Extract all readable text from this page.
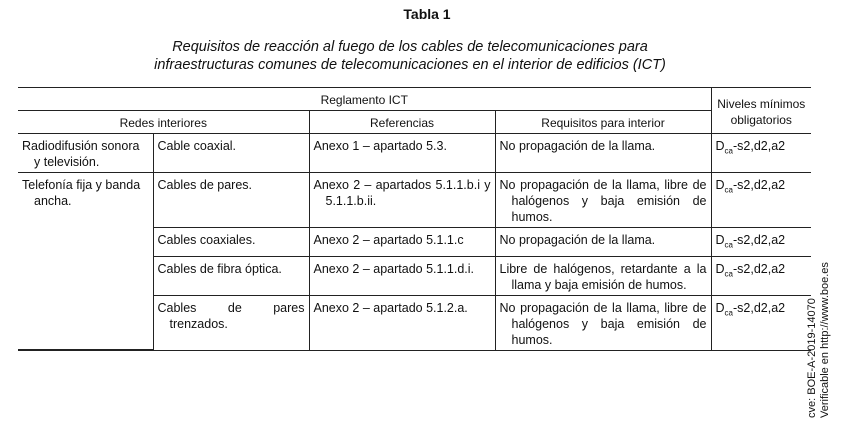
Tabla 1
Requisitos de reacción al fuego de los cables de telecomunicaciones para
infraestructuras comunes de telecomunicaciones en el interior de edificios (ICT)
Reglamento ICT				Niveles mínimos obligatorios
Redes interiores		Referencias	Requisitos para interior	

Radiodifusión sonora y televisión.	Cable coaxial.	Anexo 1 – apartado 5.3.	No propagación de la llama.	$D_{ca}-s2,d2,a2$

Telefonía fija y banda ancha.	Cables de pares.	Anexo 2 – apartados 5.1.1.b.i y 5.1.1.b.ii.	No propagación de la llama, libre de halógenos y baja emisión de humos.	$D_{ca}-s2,d2,a2$
	Cables coaxiales.	Anexo 2 – apartado 5.1.1.c	No propagación de la llama.	$D_{ca}-s2,d2,a2$
	Cables de fibra óptica.	Anexo 2 – apartado 5.1.1.d.i.	Libre de halógenos, retardante a la llama y baja emisión de humos.	$D_{ca}-s2,d2,a2$

	Cables de pares trenzados.	Anexo 2 – apartado 5.1.2.a.	No propagación de la llama, libre de halógenos y baja emisión de humos.	$D_{ca}-s2,d2,a2$ cve: BOE-A-2019-14070 Verificable en http://www.boe.es
